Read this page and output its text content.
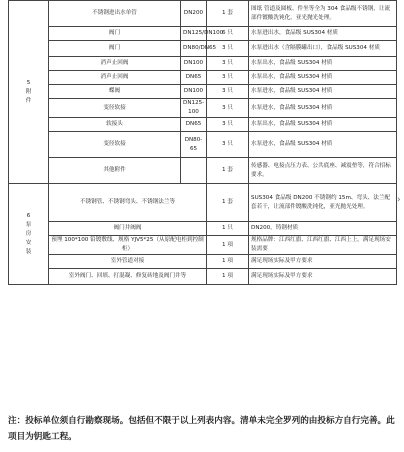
5
附
件	不锈钢进出水单管	DN200	1 套	图纸 管道及圆板、件坐等全为 304 食品级不锈钢，让流部件镀酸洗钝化，亚光抛光处理。
	阀门	DN125/DN100	6 只	水泵进出水，食品级 SUS304 材质
	阀门	DN80/DN65	3 只	水泵进出水（含隔膜罐出口），食品级 SUS304 材质
	消声止回阀	DN100	3 只	水泵出水，食品级 SUS304 材质
	消声止回阀	DN65	3 只	水泵出水，食品级 SUS304 材质
	蝶阀	DN100	3 只	水泵进水，食品级 SUS304 材质
	变径软接	DN125-100	3 只	水泵进水，食品级 SUS304 材质
	软接头	DN65	3 只	水泵出水，食品级 SUS304 材质
	变径软接	DN80-65	3 只	水泵进水，食品级 SUS304 材质
	其他附件		1 套	传感器、电接点压力表、公共底座、减震垫等，符合招标要求。

6
泵
房
安
装	不锈钢管、不锈钢弯头、不锈钢法兰等		1 套	SUS304 食品级 DN200 不锈钢约 15m、弯头、法兰配套若干，让流部件镀酸洗钝化，亚光抛光处理。
	阀门井阀阀		1 只	DN200，铸钢材质
	预埋 100*100 铅镀敷线、规格 YJV5*25（从原配电柜到控制柜）		1 项	规格品牌：江西红旗、江西红旗、江西上上。满足现场安装需要
	室外管道对接		1 项	满足现场实际及甲方要求
	室外阀门、回填、打混凝、修复砖地及阀门井等		1 项	满足现场实际及甲方要求
注：投标单位须自行勘察现场。包括但不限于以上列表内容。清单未完全罗列的由投标方自行完善。此项目为钥匙工程。
›
